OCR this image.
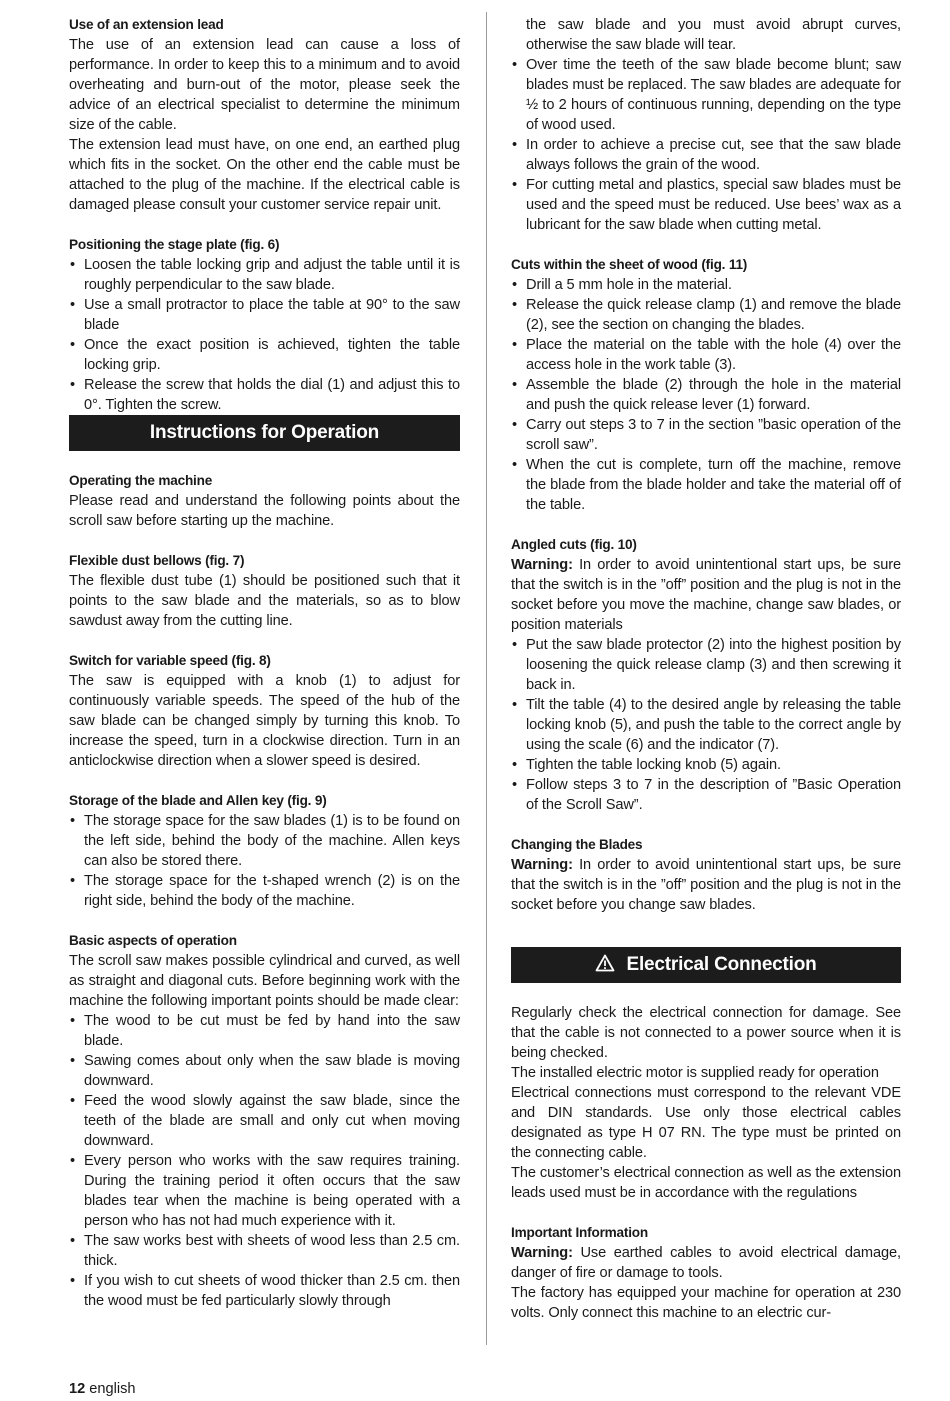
Use of an extension lead

The use of an extension lead can cause a loss of performance. In order to keep this to a minimum and to avoid overheating and burn-out of the motor, please seek the advice of an electrical specialist to determine the minimum size of the cable.

The extension lead must have, on one end, an earthed plug which fits in the socket. On the other end the cable must be attached to the plug of the machine. If the electrical cable is damaged please consult your customer service repair unit.

Positioning the stage plate (fig. 6)
• Loosen the table locking grip and adjust the table until it is roughly perpendicular to the saw blade.
• Use a small protractor to place the table at 90° to the saw blade
• Once the exact position is achieved, tighten the table locking grip.
• Release the screw that holds the dial (1) and adjust this to 0°. Tighten the screw.
Instructions for Operation
Operating the machine

Please read and understand the following points about the scroll saw before starting up the machine.

Flexible dust bellows (fig. 7)

The flexible dust tube (1) should be positioned such that it points to the saw blade and the materials, so as to blow sawdust away from the cutting line.

Switch for variable speed (fig. 8)

The saw is equipped with a knob (1) to adjust for continuously variable speeds. The speed of the hub of the saw blade can be changed simply by turning this knob. To increase the speed, turn in a clockwise direction. Turn in an anticlockwise direction when a slower speed is desired.

Storage of the blade and Allen key (fig. 9)
• The storage space for the saw blades (1) is to be found on the left side, behind the body of the machine. Allen keys can also be stored there.
• The storage space for the t-shaped wrench (2) is on the right side, behind the body of the machine.
Basic aspects of operation

The scroll saw makes possible cylindrical and curved, as well as straight and diagonal cuts. Before beginning work with the machine the following important points should be made clear:

• The wood to be cut must be fed by hand into the saw blade.
• Sawing comes about only when the saw blade is moving downward.
• Feed the wood slowly against the saw blade, since the teeth of the blade are small and only cut when moving downward.
• Every person who works with the saw requires training. During the training period it often occurs that the saw blades tear when the machine is being operated with a person who has not had much experience with it.
• The saw works best with sheets of wood less than 2.5 cm. thick.
• If you wish to cut sheets of wood thicker than 2.5 cm. then the wood must be fed particularly slowly through
the saw blade and you must avoid abrupt curves, otherwise the saw blade will tear.
• Over time the teeth of the saw blade become blunt; saw blades must be replaced. The saw blades are adequate for ½ to 2 hours of continuous running, depending on the type of wood used.
• In order to achieve a precise cut, see that the saw blade always follows the grain of the wood.
• For cutting metal and plastics, special saw blades must be used and the speed must be reduced. Use bees’ wax as a lubricant for the saw blade when cutting metal.
Cuts within the sheet of wood (fig. 11)
• Drill a 5 mm hole in the material.
• Release the quick release clamp (1) and remove the blade (2), see the section on changing the blades.
• Place the material on the table with the hole (4) over the access hole in the work table (3).
• Assemble the blade (2) through the hole in the material and push the quick release lever (1) forward.
• Carry out steps 3 to 7 in the section ”basic operation of the scroll saw”.
• When the cut is complete, turn off the machine, remove the blade from the blade holder and take the material off of the table.
Angled cuts (fig. 10)

Warning: In order to avoid unintentional start ups, be sure that the switch is in the ”off” position and the plug is not in the socket before you move the machine, change saw blades, or position materials

• Put the saw blade protector (2) into the highest position by loosening the quick release clamp (3) and then screwing it back in.
• Tilt the table (4) to the desired angle by releasing the table locking knob (5), and push the table to the correct angle by using the scale (6) and the indicator (7).
• Tighten the table locking knob (5) again.
• Follow steps 3 to 7 in the description of ”Basic Operation of the Scroll Saw”.
Changing the Blades

Warning: In order to avoid unintentional start ups, be sure that the switch is in the ”off” position and the plug is not in the socket before you change saw blades.

Electrical Connection

Regularly check the electrical connection for damage. See that the cable is not connected to a power source when it is being checked.

The installed electric motor is supplied ready for operation

Electrical connections must correspond to the relevant VDE and DIN standards. Use only those electrical cables designated as type H 07 RN. The type must be printed on the connecting cable.

The customer’s electrical connection as well as the extension leads used must be in accordance with the regulations

Important Information

Warning: Use earthed cables to avoid electrical damage, danger of fire or damage to tools.

The factory has equipped your machine for operation at 230 volts. Only connect this machine to an electric cur-

12 english
